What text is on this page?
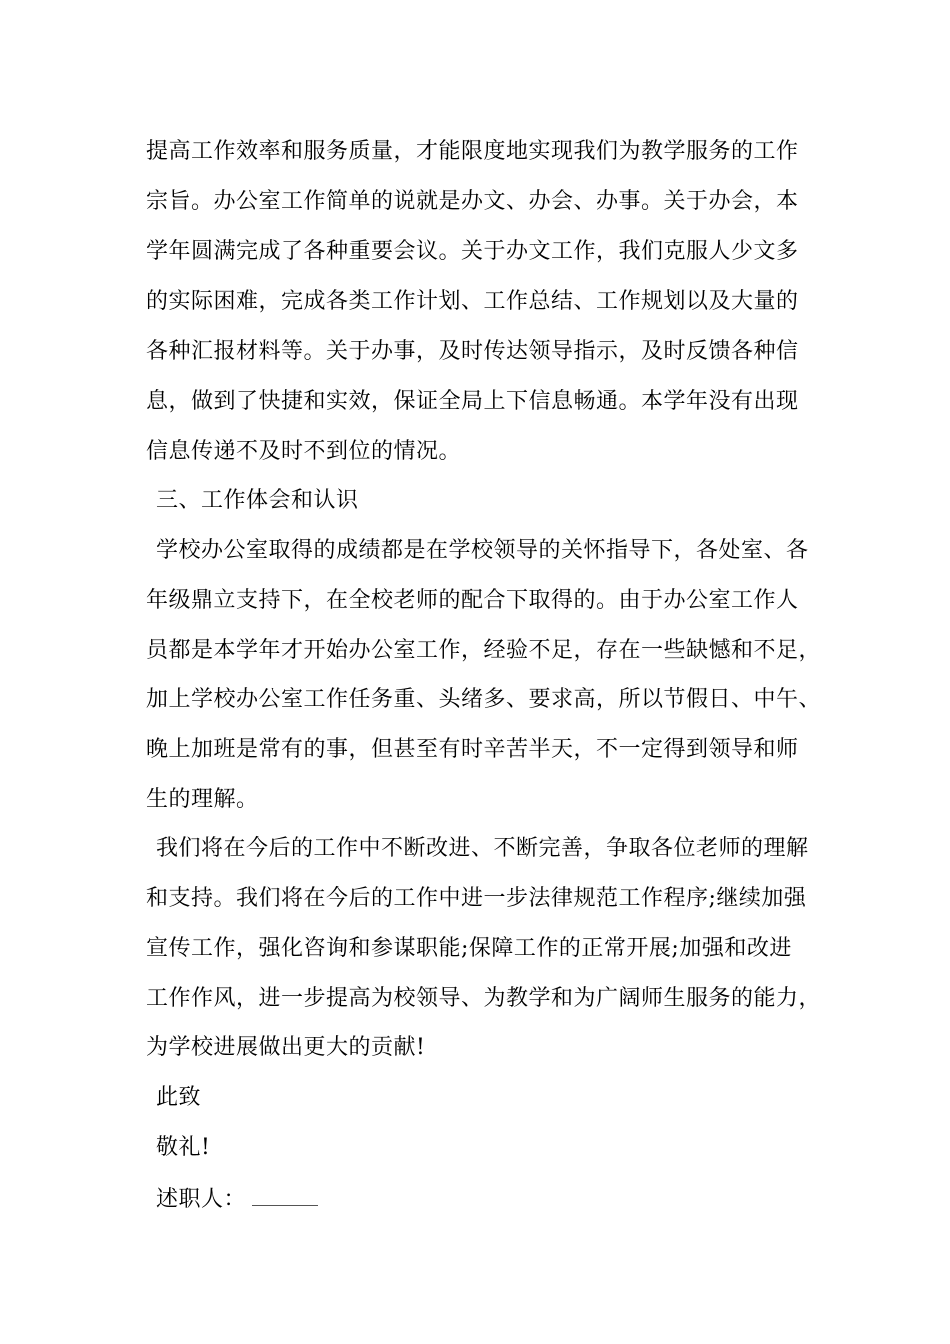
提高工作效率和服务质量，才能限度地实现我们为教学服务的工作
宗旨。办公室工作简单的说就是办文、办会、办事。关于办会，本
学年圆满完成了各种重要会议。关于办文工作，我们克服人少文多
的实际困难，完成各类工作计划、工作总结、工作规划以及大量的
各种汇报材料等。关于办事，及时传达领导指示，及时反馈各种信
息，做到了快捷和实效，保证全局上下信息畅通。本学年没有出现
信息传递不及时不到位的情况。
三、工作体会和认识
学校办公室取得的成绩都是在学校领导的关怀指导下，各处室、各
年级鼎立支持下，在全校老师的配合下取得的。由于办公室工作人
员都是本学年才开始办公室工作，经验不足，存在一些缺憾和不足，
加上学校办公室工作任务重、头绪多、要求高，所以节假日、中午、
晚上加班是常有的事，但甚至有时辛苦半天，不一定得到领导和师
生的理解。
我们将在今后的工作中不断改进、不断完善，争取各位老师的理解
和支持。我们将在今后的工作中进一步法律规范工作程序;继续加强
宣传工作，强化咨询和参谋职能;保障工作的正常开展;加强和改进
工作作风，进一步提高为校领导、为教学和为广阔师生服务的能力，
为学校进展做出更大的贡献!
此致
敬礼!
述职人：
